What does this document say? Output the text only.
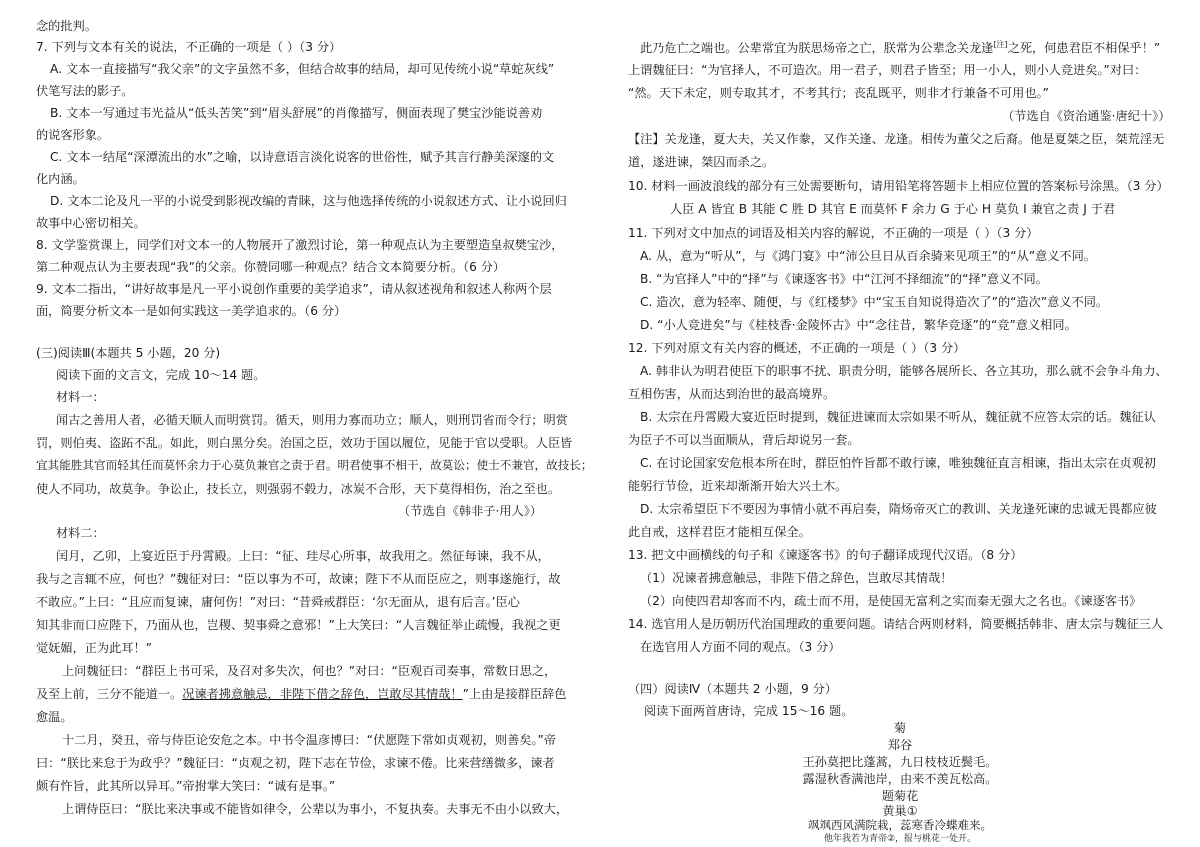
念的批判。
7. 下列与文本有关的说法，不正确的一项是（ ）（3 分）
A. 文本一直接描写“我父亲”的文字虽然不多，但结合故事的结局，却可见传统小说“草蛇灰线”
伏笔写法的影子。
B. 文本一写通过韦光益从“低头苦笑”到“眉头舒展”的肖像描写，侧面表现了樊宝沙能说善劝
的说客形象。
C. 文本一结尾“深潭流出的水”之喻，以诗意语言淡化说客的世俗性，赋予其言行静美深邃的文
化内涵。
D. 文本二论及凡一平的小说受到影视改编的青睐，这与他选择传统的小说叙述方式、让小说回归
故事中心密切相关。
8. 文学鉴赏课上，同学们对文本一的人物展开了激烈讨论，第一种观点认为主要塑造皇叔樊宝沙，
第二种观点认为主要表现“我”的父亲。你赞同哪一种观点？结合文本简要分析。（6 分）
9. 文本二指出，“讲好故事是凡一平小说创作重要的美学追求”，请从叙述视角和叙述人称两个层
面，简要分析文本一是如何实践这一美学追求的。（6 分）
(三)阅读Ⅲ(本题共 5 小题，20 分)
阅读下面的文言文，完成 10～14 题。
材料一：
闻古之善用人者，必循天顺人而明赏罚。循天，则用力寡而功立；顺人，则刑罚省而令行；明赏
罚，则伯夷、盗跖不乱。如此，则白黑分矣。治国之臣，效功于国以履位，见能于官以受职。人臣皆
宜其能胜其官而轻其任而莫怀余力于心莫负兼官之责于君。明君使事不相干，故莫讼；使士不兼官，故技长；
使人不同功，故莫争。争讼止，技长立，则强弱不毂力，冰炭不合形，天下莫得相伤，治之至也。
（节选自《韩非子·用人》）
材料二：
闰月，乙卯，上宴近臣于丹霄殿。上曰：“征、珪尽心所事，故我用之。然征每谏，我不从，
我与之言辄不应，何也？”魏征对曰：“臣以事为不可，故谏；陛下不从而臣应之，则事遂施行，故
不敢应。”上曰：“且应而复谏，庸何伤！”对曰：“昔舜戒群臣：‘尔无面从，退有后言。’臣心
知其非而口应陛下，乃面从也，岂稷、契事舜之意邪！”上大笑曰：“人言魏征举止疏慢，我视之更
觉妩媚，正为此耳！”
上问魏征曰：“群臣上书可采，及召对多失次，何也？”对曰：“臣观百司奏事，常数日思之，
及至上前，三分不能道一。况谏者拂意触忌，非陛下借之辞色，岂敢尽其情哉！”上由是接群臣辞色
愈温。
十二月，癸丑，帝与侍臣论安危之本。中书令温彦博曰：“伏愿陛下常如贞观初，则善矣。”帝
曰：“朕比来怠于为政乎？”魏征曰：“贞观之初，陛下志在节俭，求谏不倦。比来营缮微多，谏者
颇有忤旨，此其所以异耳。”帝拊掌大笑曰：“诚有是事。”
上谓侍臣曰：“朕比来决事或不能皆如律令，公辈以为事小，不复执奏。夫事无不由小以致大，
此乃危亡之端也。公辈常宜为朕思炀帝之亡，朕常为公辈念关龙逢[注]之死，何患君臣不相保乎！”
上谓魏征曰：“为官择人，不可造次。用一君子，则君子皆至；用一小人，则小人竞进矣。”对曰：
“然。天下未定，则专取其才，不考其行；丧乱既平，则非才行兼备不可用也。”
（节选自《资治通鉴·唐纪十》）
【注】关龙逢，夏大夫，关又作豢，又作关逢、龙逢。相传为董父之后裔。他是夏桀之臣，桀荒淫无
道，遂进谏，桀囚而杀之。
10. 材料一画波浪线的部分有三处需要断句，请用铅笔将答题卡上相应位置的答案标号涂黑。（3 分）
人臣 A 皆宜 B 其能 C 胜 D 其官 E 而莫怀 F 余力 G 于心 H 莫负 I 兼官之责 J 于君
11. 下列对文中加点的词语及相关内容的解说，不正确的一项是（ ）（3 分）
A. 从，意为“听从”，与《鸿门宴》中“沛公旦日从百余骑来见项王”的“从”意义不同。
B. “为官择人”中的“择”与《谏逐客书》中“江河不择细流”的“择”意义不同。
C. 造次，意为轻率、随便，与《红楼梦》中“宝玉自知说得造次了”的“造次”意义不同。
D. “小人竞进矣”与《桂枝香·金陵怀古》中“念往昔，繁华竞逐”的“竞”意义相同。
12. 下列对原文有关内容的概述，不正确的一项是（ ）（3 分）
A. 韩非认为明君使臣下的职事不扰、职责分明，能够各展所长、各立其功，那么就不会争斗角力、
互相伤害，从而达到治世的最高境界。
B. 太宗在丹霄殿大宴近臣时提到，魏征进谏而太宗如果不听从，魏征就不应答太宗的话。魏征认
为臣子不可以当面顺从，背后却说另一套。
C. 在讨论国家安危根本所在时，群臣怕忤旨都不敢行谏，唯独魏征直言相谏，指出太宗在贞观初
能躬行节俭，近来却渐渐开始大兴土木。
D. 太宗希望臣下不要因为事情小就不再启奏，隋炀帝灭亡的教训、关龙逢死谏的忠诚无畏都应彼
此自戒，这样君臣才能相互保全。
13. 把文中画横线的句子和《谏逐客书》的句子翻译成现代汉语。（8 分）
（1）况谏者拂意触忌，非陛下借之辞色，岂敢尽其情哉！
（2）向使四君却客而不内，疏士而不用，是使国无富利之实而秦无强大之名也。《谏逐客书》
14. 选官用人是历朝历代治国理政的重要问题。请结合两则材料，简要概括韩非、唐太宗与魏征三人
在选官用人方面不同的观点。（3 分）
（四）阅读Ⅳ（本题共 2 小题，9 分）
阅读下面两首唐诗，完成 15～16 题。
菊
郑谷
王孙莫把比蓬蒿，九日枝枝近鬓毛。
露湿秋香满池岸，由来不羡瓦松高。
题菊花
黄巢①
飒飒西风满院栽，蕊寒香冷蝶难来。
他年我若为青帝②，报与桃花一处开。
